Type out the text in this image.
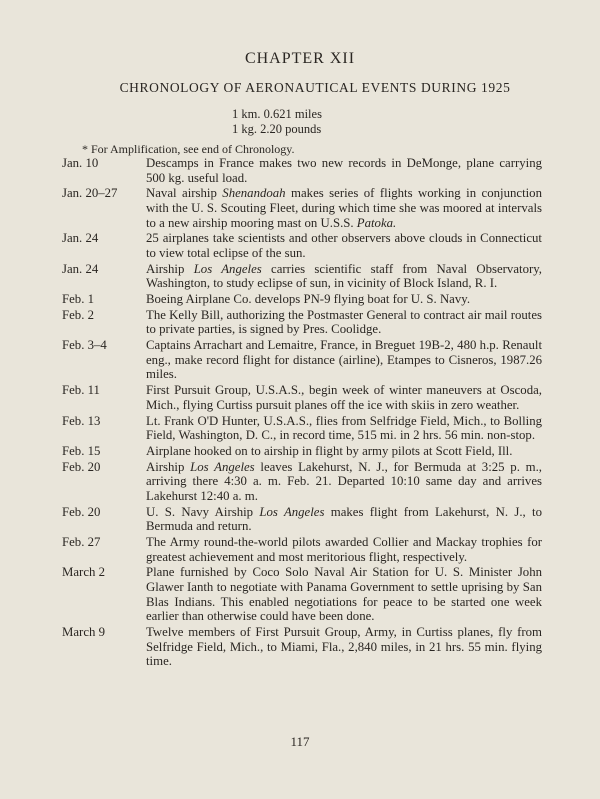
CHAPTER XII
CHRONOLOGY OF AERONAUTICAL EVENTS DURING 1925
1 km. 0.621 miles
1 kg. 2.20 pounds
* For Amplification, see end of Chronology.
Jan. 10	Descamps in France makes two new records in DeMonge, plane carrying 500 kg. useful load.
Jan. 20–27	Naval airship Shenandoah makes series of flights working in conjunction with the U. S. Scouting Fleet, during which time she was moored at intervals to a new airship mooring mast on U.S.S. Patoka.
Jan. 24	25 airplanes take scientists and other observers above clouds in Connecticut to view total eclipse of the sun.
Jan. 24	Airship Los Angeles carries scientific staff from Naval Observatory, Washington, to study eclipse of sun, in vicinity of Block Island, R. I.
Feb. 1	Boeing Airplane Co. develops PN-9 flying boat for U. S. Navy.
Feb. 2	The Kelly Bill, authorizing the Postmaster General to contract air mail routes to private parties, is signed by Pres. Coolidge.
Feb. 3–4	Captains Arrachart and Lemaitre, France, in Breguet 19B-2, 480 h.p. Renault eng., make record flight for distance (airline), Etampes to Cisneros, 1987.26 miles.
Feb. 11	First Pursuit Group, U.S.A.S., begin week of winter maneuvers at Oscoda, Mich., flying Curtiss pursuit planes off the ice with skiis in zero weather.
Feb. 13	Lt. Frank O'D Hunter, U.S.A.S., flies from Selfridge Field, Mich., to Bolling Field, Washington, D. C., in record time, 515 mi. in 2 hrs. 56 min. non-stop.
Feb. 15	Airplane hooked on to airship in flight by army pilots at Scott Field, Ill.
Feb. 20	Airship Los Angeles leaves Lakehurst, N. J., for Bermuda at 3:25 p. m., arriving there 4:30 a. m. Feb. 21. Departed 10:10 same day and arrives Lakehurst 12:40 a. m.
Feb. 20	U. S. Navy Airship Los Angeles makes flight from Lakehurst, N. J., to Bermuda and return.
Feb. 27	The Army round-the-world pilots awarded Collier and Mackay trophies for greatest achievement and most meritorious flight, respectively.
March 2	Plane furnished by Coco Solo Naval Air Station for U. S. Minister John Glawer Ianth to negotiate with Panama Government to settle uprising by San Blas Indians. This enabled negotiations for peace to be started one week earlier than otherwise could have been done.
March 9	Twelve members of First Pursuit Group, Army, in Curtiss planes, fly from Selfridge Field, Mich., to Miami, Fla., 2,840 miles, in 21 hrs. 55 min. flying time.
117
